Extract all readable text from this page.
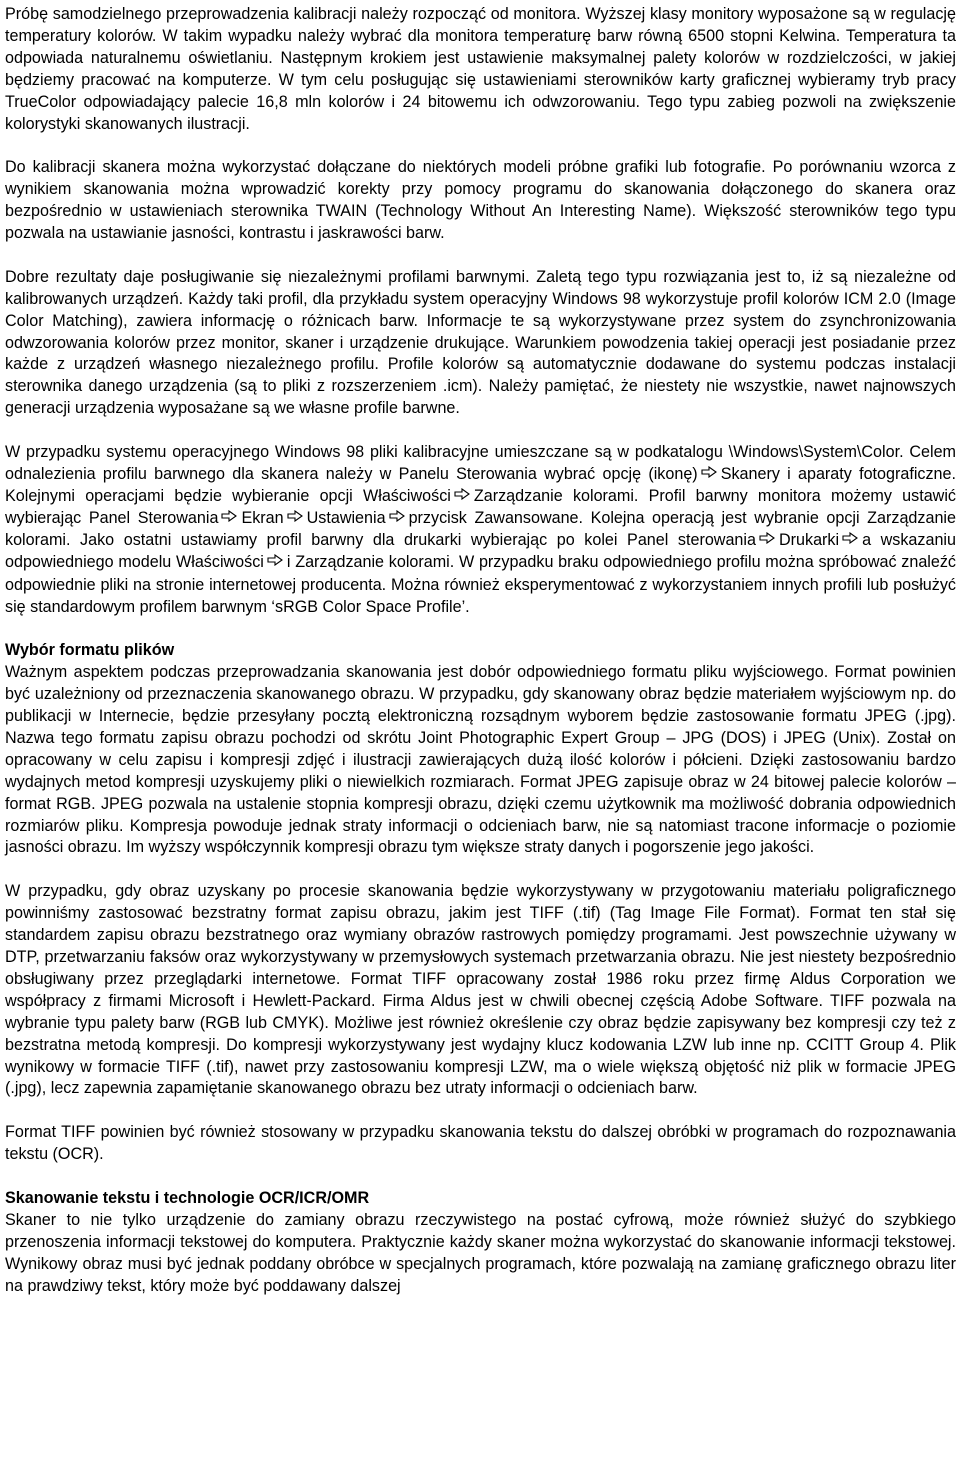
Próbę samodzielnego przeprowadzenia kalibracji należy rozpocząć od monitora. Wyższej klasy monitory wyposażone są w regulację temperatury kolorów. W takim wypadku należy wybrać dla monitora temperaturę barw równą 6500 stopni Kelwina. Temperatura ta odpowiada naturalnemu oświetlaniu. Następnym krokiem jest ustawienie maksymalnej palety kolorów w rozdzielczości, w jakiej będziemy pracować na komputerze. W tym celu posługując się ustawieniami sterowników karty graficznej wybieramy tryb pracy TrueColor odpowiadający palecie 16,8 mln kolorów i 24 bitowemu ich odwzorowaniu. Tego typu zabieg pozwoli na zwiększenie kolorystyki skanowanych ilustracji.

Do kalibracji skanera można wykorzystać dołączane do niektórych modeli próbne grafiki lub fotografie. Po porównaniu wzorca z wynikiem skanowania można wprowadzić korekty przy pomocy programu do skanowania dołączonego do skanera oraz bezpośrednio w ustawieniach sterownika TWAIN (Technology Without An Interesting Name). Większość sterowników tego typu pozwala na ustawianie jasności, kontrastu i jaskrawości barw.

Dobre rezultaty daje posługiwanie się niezależnymi profilami barwnymi. Zaletą tego typu rozwiązania jest to, iż są niezależne od kalibrowanych urządzeń. Każdy taki profil, dla przykładu system operacyjny Windows 98 wykorzystuje profil kolorów ICM 2.0 (Image Color Matching), zawiera informację o różnicach barw. Informacje te są wykorzystywane przez system do zsynchronizowania odwzorowania kolorów przez monitor, skaner i urządzenie drukujące. Warunkiem powodzenia takiej operacji jest posiadanie przez każde z urządzeń własnego niezależnego profilu. Profile kolorów są automatycznie dodawane do systemu podczas instalacji sterownika danego urządzenia (są to pliki z rozszerzeniem .icm). Należy pamiętać, że niestety nie wszystkie, nawet najnowszych generacji urządzenia wyposażane są we własne profile barwne.

W przypadku systemu operacyjnego Windows 98 pliki kalibracyjne umieszczane są w podkatalogu \Windows\System\Color. Celem odnalezienia profilu barwnego dla skanera należy w Panelu Sterowania wybrać opcję (ikonę) Skanery i aparaty fotograficzne. Kolejnymi operacjami będzie wybieranie opcji Właściwości Zarządzanie kolorami. Profil barwny monitora możemy ustawić wybierając Panel Sterowania Ekran Ustawienia przycisk Zawansowane. Kolejna operacją jest wybranie opcji Zarządzanie kolorami. Jako ostatni ustawiamy profil barwny dla drukarki wybierając po kolei Panel sterowania Drukarki a wskazaniu odpowiedniego modelu Właściwości i Zarządzanie kolorami. W przypadku braku odpowiedniego profilu można spróbować znaleźć odpowiednie pliki na stronie internetowej producenta. Można również eksperymentować z wykorzystaniem innych profili lub posłużyć się standardowym profilem barwnym ‘sRGB Color Space Profile’.

Wybór formatu plików

Ważnym aspektem podczas przeprowadzania skanowania jest dobór odpowiedniego formatu pliku wyjściowego. Format powinien być uzależniony od przeznaczenia skanowanego obrazu. W przypadku, gdy skanowany obraz będzie materiałem wyjściowym np. do publikacji w Internecie, będzie przesyłany pocztą elektroniczną rozsądnym wyborem będzie zastosowanie formatu JPEG (.jpg). Nazwa tego formatu zapisu obrazu pochodzi od skrótu Joint Photographic Expert Group – JPG (DOS) i JPEG (Unix). Został on opracowany w celu zapisu i kompresji zdjęć i ilustracji zawierających dużą ilość kolorów i półcieni. Dzięki zastosowaniu bardzo wydajnych metod kompresji uzyskujemy pliki o niewielkich rozmiarach. Format JPEG zapisuje obraz w 24 bitowej palecie kolorów – format RGB. JPEG pozwala na ustalenie stopnia kompresji obrazu, dzięki czemu użytkownik ma możliwość dobrania odpowiednich rozmiarów pliku. Kompresja powoduje jednak straty informacji o odcieniach barw, nie są natomiast tracone informacje o poziomie jasności obrazu. Im wyższy współczynnik kompresji obrazu tym większe straty danych i pogorszenie jego jakości.

W przypadku, gdy obraz uzyskany po procesie skanowania będzie wykorzystywany w przygotowaniu materiału poligraficznego powinniśmy zastosować bezstratny format zapisu obrazu, jakim jest TIFF (.tif) (Tag Image File Format). Format ten stał się standardem zapisu obrazu bezstratnego oraz wymiany obrazów rastrowych pomiędzy programami. Jest powszechnie używany w DTP, przetwarzaniu faksów oraz wykorzystywany w przemysłowych systemach przetwarzania obrazu. Nie jest niestety bezpośrednio obsługiwany przez przeglądarki internetowe. Format TIFF opracowany został 1986 roku przez firmę Aldus Corporation we współpracy z firmami Microsoft i Hewlett-Packard. Firma Aldus jest w chwili obecnej częścią Adobe Software. TIFF pozwala na wybranie typu palety barw (RGB lub CMYK). Możliwe jest również określenie czy obraz będzie zapisywany bez kompresji czy też z bezstratna metodą kompresji. Do kompresji wykorzystywany jest wydajny klucz kodowania LZW lub inne np. CCITT Group 4. Plik wynikowy w formacie TIFF (.tif), nawet przy zastosowaniu kompresji LZW, ma o wiele większą objętość niż plik w formacie JPEG (.jpg), lecz zapewnia zapamiętanie skanowanego obrazu bez utraty informacji o odcieniach barw.

Format TIFF powinien być również stosowany w przypadku skanowania tekstu do dalszej obróbki w programach do rozpoznawania tekstu (OCR).

Skanowanie tekstu i technologie OCR/ICR/OMR

Skaner to nie tylko urządzenie do zamiany obrazu rzeczywistego na postać cyfrową, może również służyć do szybkiego przenoszenia informacji tekstowej do komputera. Praktycznie każdy skaner można wykorzystać do skanowanie informacji tekstowej. Wynikowy obraz musi być jednak poddany obróbce w specjalnych programach, które pozwalają na zamianę graficznego obrazu liter na prawdziwy tekst, który może być poddawany dalszej
